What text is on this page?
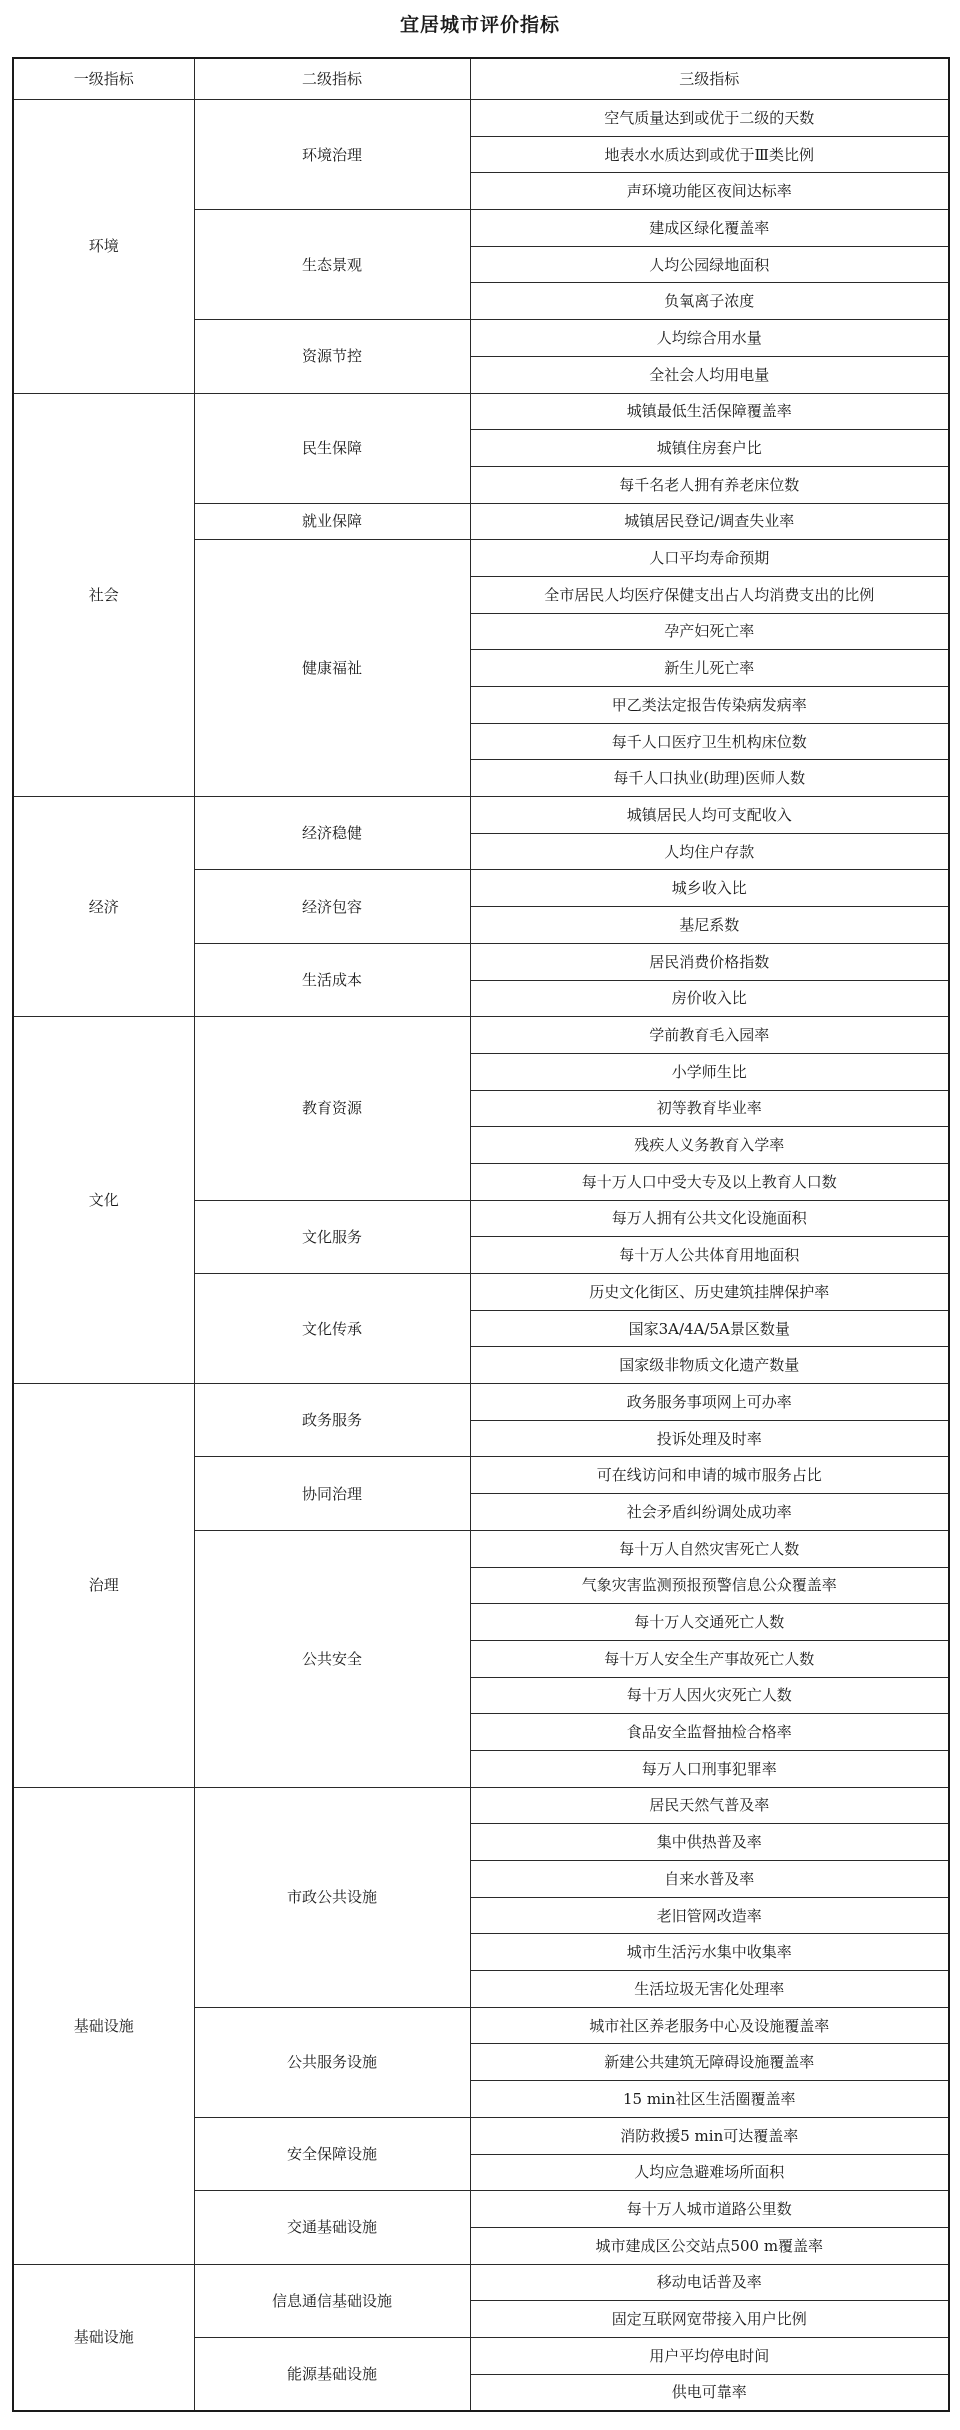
宜居城市评价指标
一级指标	二级指标	三级指标
环境	环境治理	空气质量达到或优于二级的天数
		地表水水质达到或优于Ⅲ类比例
		声环境功能区夜间达标率
	生态景观	建成区绿化覆盖率
		人均公园绿地面积
		负氧离子浓度
	资源节控	人均综合用水量
		全社会人均用电量
社会	民生保障	城镇最低生活保障覆盖率
		城镇住房套户比
		每千名老人拥有养老床位数
	就业保障	城镇居民登记/调查失业率
	健康福祉	人口平均寿命预期
		全市居民人均医疗保健支出占人均消费支出的比例
		孕产妇死亡率
		新生儿死亡率
		甲乙类法定报告传染病发病率
		每千人口医疗卫生机构床位数
		每千人口执业(助理)医师人数
经济	经济稳健	城镇居民人均可支配收入
		人均住户存款
	经济包容	城乡收入比
		基尼系数
	生活成本	居民消费价格指数
		房价收入比
文化	教育资源	学前教育毛入园率
		小学师生比
		初等教育毕业率
		残疾人义务教育入学率
		每十万人口中受大专及以上教育人口数
	文化服务	每万人拥有公共文化设施面积
		每十万人公共体育用地面积
	文化传承	历史文化街区、历史建筑挂牌保护率
		国家3A/4A/5A景区数量
		国家级非物质文化遗产数量
治理	政务服务	政务服务事项网上可办率
		投诉处理及时率
	协同治理	可在线访问和申请的城市服务占比
		社会矛盾纠纷调处成功率
	公共安全	每十万人自然灾害死亡人数
		气象灾害监测预报预警信息公众覆盖率
		每十万人交通死亡人数
		每十万人安全生产事故死亡人数
		每十万人因火灾死亡人数
		食品安全监督抽检合格率
		每万人口刑事犯罪率
基础设施	市政公共设施	居民天然气普及率
		集中供热普及率
		自来水普及率
		老旧管网改造率
		城市生活污水集中收集率
		生活垃圾无害化处理率
	公共服务设施	城市社区养老服务中心及设施覆盖率
		新建公共建筑无障碍设施覆盖率
		15 min社区生活圈覆盖率
	安全保障设施	消防救援5 min可达覆盖率
		人均应急避难场所面积
	交通基础设施	每十万人城市道路公里数
		城市建成区公交站点500 m覆盖率
基础设施	信息通信基础设施	移动电话普及率
		固定互联网宽带接入用户比例
	能源基础设施	用户平均停电时间
		供电可靠率
